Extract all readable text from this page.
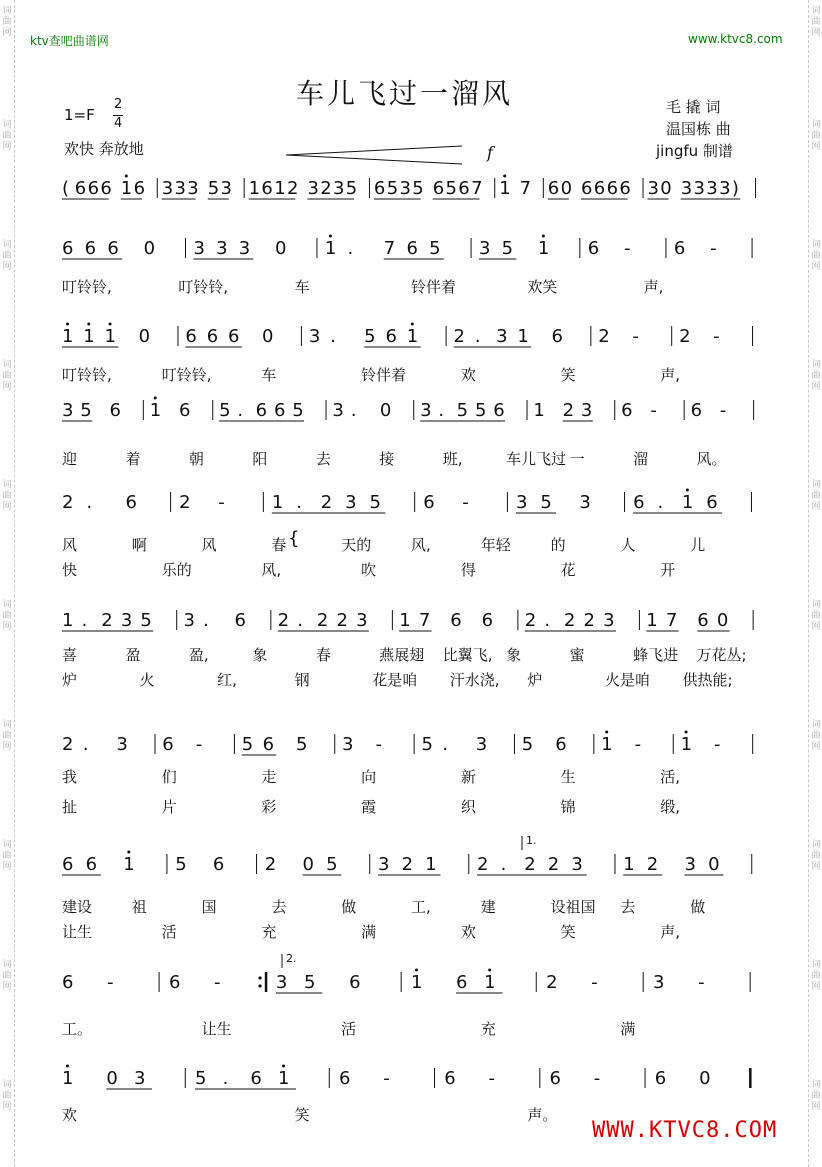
词曲网
词曲网
词曲网
词曲网
词曲网
词曲网
词曲网
词曲网
词曲网
词曲网
词曲网
词曲网
词曲网
词曲网
词曲网
词曲网
词曲网
词曲网
词曲网
词曲网
ktv查吧曲谱网	www.ktvc8.com
车儿飞过一溜风	毛 撬 词
温国栋 曲
jingfu 制谱
1=F
2
4
欢快 奔放地	f
( 6 6 6 1 6 3 3 3 5 3 1 6 1 2 3 2 3 5 6 5 3 5 6 5 6 7 1 7 6 0 6 6 6 6 3 0 3 3 3 3 )
6 6 6 0 3 3 3 0 1 . 7 6 5 3 5 1 6 - 6 -
叮铃铃,	叮铃铃,	车	铃伴着	欢笑	声,
1 1 1 0 6 6 6 0 3 . 5 6 1 2 . 3 1 6 2 - 2 -
叮铃铃,	叮铃铃,	车	铃伴着	欢	笑	声,
3 5 6 1 6 5 . 6 6 5 3 . 0 3 . 5 5 6 1 2 3 6 - 6 -
迎	着	朝	阳	去	接	班,	车儿飞过 一	溜	风。
2 . 6 2 -	1 . 2 3 5 6 -	3 5 3 6 . 1 6
风	啊	风	春	天的	风,	年轻	的	人	儿
快	乐的	风,	吹	得	花	开
1 . 2 3 5 3 . 6 2 . 2 2 3 1 7 6 6 2 . 2 2 3 1 7 6 0
喜	盈	盈,	象	春	燕展翅 比翼飞, 象	蜜	蜂飞进 万花丛;
炉	火	红,	钢	花是咱 汗水浇, 炉	火是咱 供热能;
2 . 3 6 - 5 6 5 3 - 5 . 3 5 6 1 - 1 -
我	们	走	向	新	生	活,
扯	片	彩	霞	织	锦	缎,
6 6 1 5 6 2 0 5 3 2 1 2 . 2 2 3 1 2 3 0
1.
建设	祖	国	去	做	工,	建	设祖国 去	做
让生	活	充	满	欢	笑	声,
6 -	6 -	3 5 6	1 6 1	2 -	3 -
2.
工。	让生	活	充	满
1 0 3	5 . 6 1	6 -	6 -	6 -	6 0
欢	笑	声。
{
WWW.KTVC8.COM
